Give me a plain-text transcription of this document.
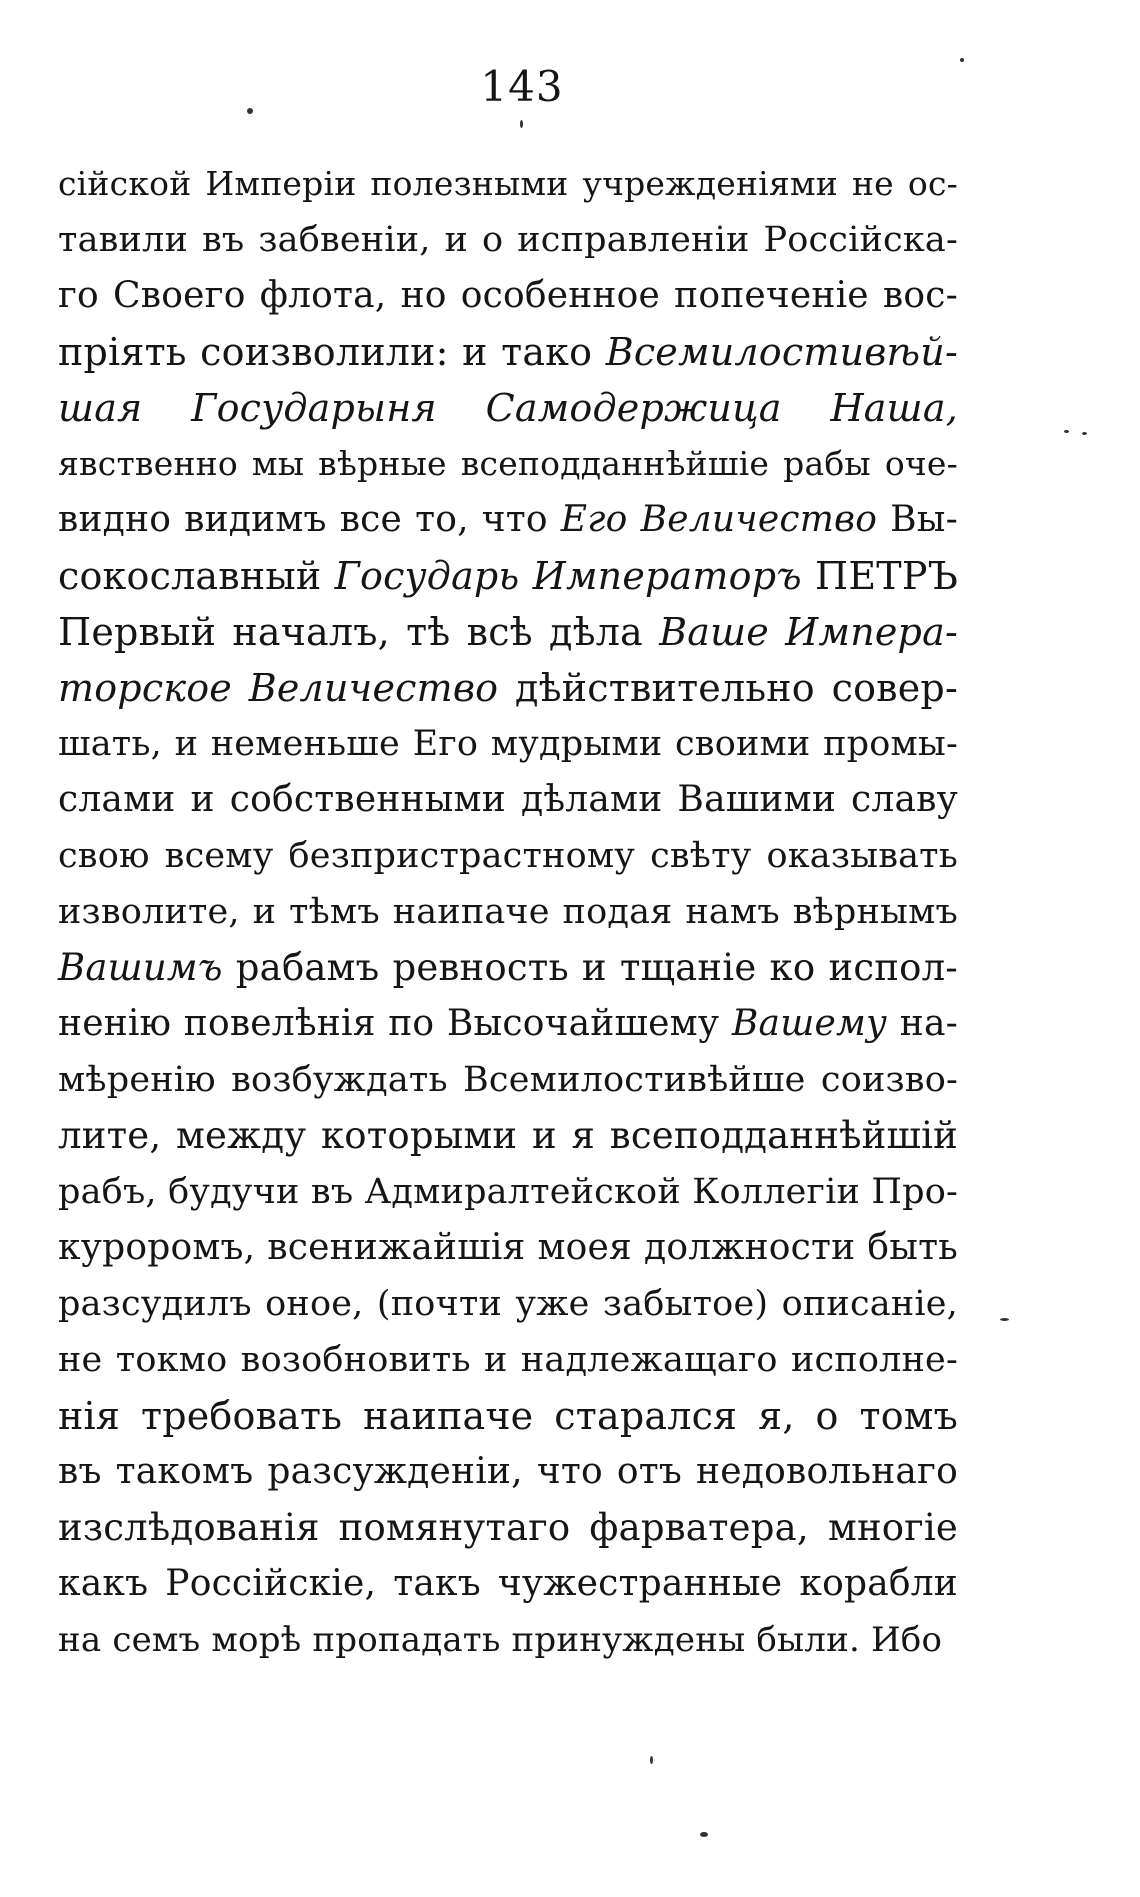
143
сійской Имперіи полезными учрежденіями не ос-
тавили въ забвеніи, и о исправленіи Россійска-
го Своего флота, но особенное попеченіе вос-
пріять соизволили: и тако Всемилостивѣй-
шая Государыня Самодержица Наша,
явственно мы вѣрные всеподданнѣйшіе рабы оче-
видно видимъ все то, что Его Величество Вы-
сокославный Государь Императоръ ПЕТРЪ
Первый началъ, тѣ всѣ дѣла Ваше Импера-
торское Величество дѣйствительно совер-
шать, и неменьше Его мудрыми своими промы-
слами и собственными дѣлами Вашими славу
свою всему безпристрастному свѣту оказывать
изволите, и тѣмъ наипаче подая намъ вѣрнымъ
Вашимъ рабамъ ревность и тщаніе ко испол-
ненію повелѣнія по Высочайшему Вашему на-
мѣренію возбуждать Всемилостивѣйше соизво-
лите, между которыми и я всеподданнѣйшій
рабъ, будучи въ Адмиралтейской Коллегіи Про-
куроромъ, всенижайшія моея должности быть
разсудилъ оное, (почти уже забытое) описаніе,
не токмо возобновить и надлежащаго исполне-
нія требовать наипаче старался я, о томъ
въ такомъ разсужденіи, что отъ недовольнаго
изслѣдованія помянутаго фарватера, многіе
какъ Россійскіе, такъ чужестранные корабли
на семъ морѣ пропадать принуждены были. Ибо
